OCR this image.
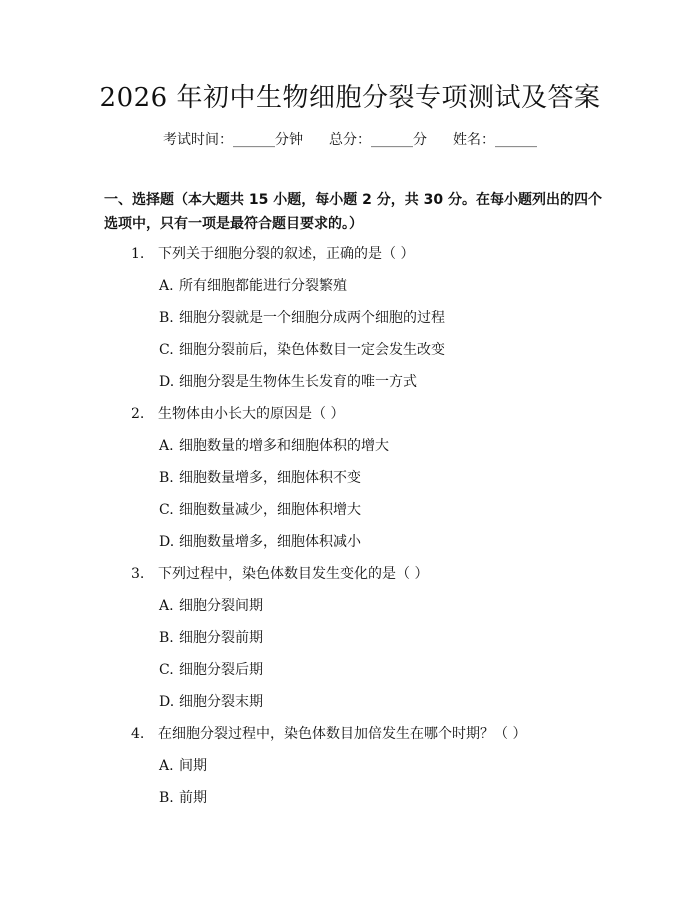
2026 年初中生物细胞分裂专项测试及答案
考试时间：______分钟 总分：______分 姓名：______
一、选择题（本大题共 15 小题，每小题 2 分，共 30 分。在每小题列出的四个选项中，只有一项是最符合题目要求的。）
1. 下列关于细胞分裂的叙述，正确的是（ ）
A. 所有细胞都能进行分裂繁殖
B. 细胞分裂就是一个细胞分成两个细胞的过程
C. 细胞分裂前后，染色体数目一定会发生改变
D. 细胞分裂是生物体生长发育的唯一方式
2. 生物体由小长大的原因是（ ）
A. 细胞数量的增多和细胞体积的增大
B. 细胞数量增多，细胞体积不变
C. 细胞数量减少，细胞体积增大
D. 细胞数量增多，细胞体积减小
3. 下列过程中，染色体数目发生变化的是（ ）
A. 细胞分裂间期
B. 细胞分裂前期
C. 细胞分裂后期
D. 细胞分裂末期
4. 在细胞分裂过程中，染色体数目加倍发生在哪个时期？（ ）
A. 间期
B. 前期
